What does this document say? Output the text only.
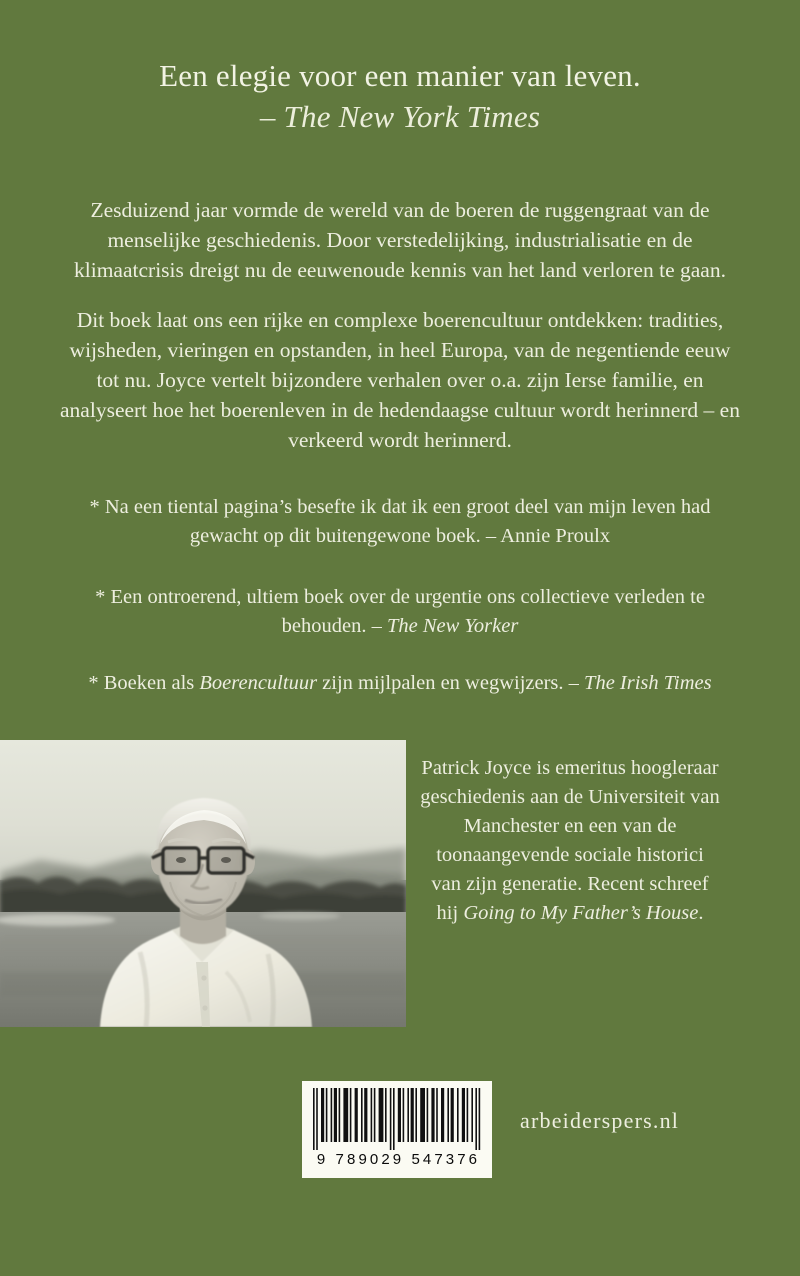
Een elegie voor een manier van leven.
– The New York Times

Zesduizend jaar vormde de wereld van de boeren de ruggengraat van de menselijke geschiedenis. Door verstedelijking, industrialisatie en de klimaatcrisis dreigt nu de eeuwenoude kennis van het land verloren te gaan.

Dit boek laat ons een rijke en complexe boerencultuur ontdekken: tradities, wijsheden, vieringen en opstanden, in heel Europa, van de negentiende eeuw tot nu. Joyce vertelt bijzondere verhalen over o.a. zijn Ierse familie, en analyseert hoe het boerenleven in de hedendaagse cultuur wordt herinnerd – en verkeerd wordt herinnerd.

* Na een tiental pagina’s besefte ik dat ik een groot deel van mijn leven had gewacht op dit buitengewone boek. – Annie Proulx

* Een ontroerend, ultiem boek over de urgentie ons collectieve verleden te behouden. – The New Yorker

* Boeken als Boerencultuur zijn mijlpalen en wegwijzers. – The Irish Times

Patrick Joyce is emeritus hoogleraar geschiedenis aan de Universiteit van Manchester en een van de toonaangevende sociale historici van zijn generatie. Recent schreef hij Going to My Father’s House.

9 789029 547376
arbeiderspers.nl
